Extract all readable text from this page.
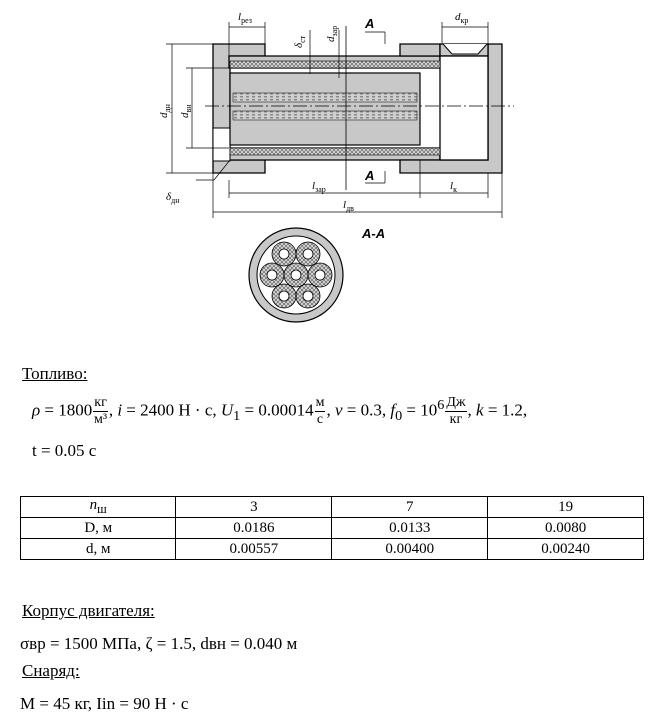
$l_{рез}$
$\delta_{ст}$ $d_{зар}$
A	$d_{кр}$
$d_{дн}$
$d_{вн}$
A
$\delta_{дн}$
$l_{зар}$	$l_к$
$l_{дв}$
A-A
Топливо:
$\rho = 1800 \frac{кг}{\text{м³}}$ , i = 2400 Н · с, $U_1 = 0.00014 \frac{м}{с}$ , ν = 0.3, $f_0 = 10^6 \frac{Дж}{кг}$ , k = 1.2,
t = 0.05 с
$n_ш$	3	7	19
D, м	0.0186	0.0133	0.0080
d, м	0.00557	0.00400	0.00240
Корпус двигателя:
σвр = 1500 МПа, ζ = 1.5, dвн = 0.040 м
Снаряд:
M = 45 кг, Iin = 90 Н · с
